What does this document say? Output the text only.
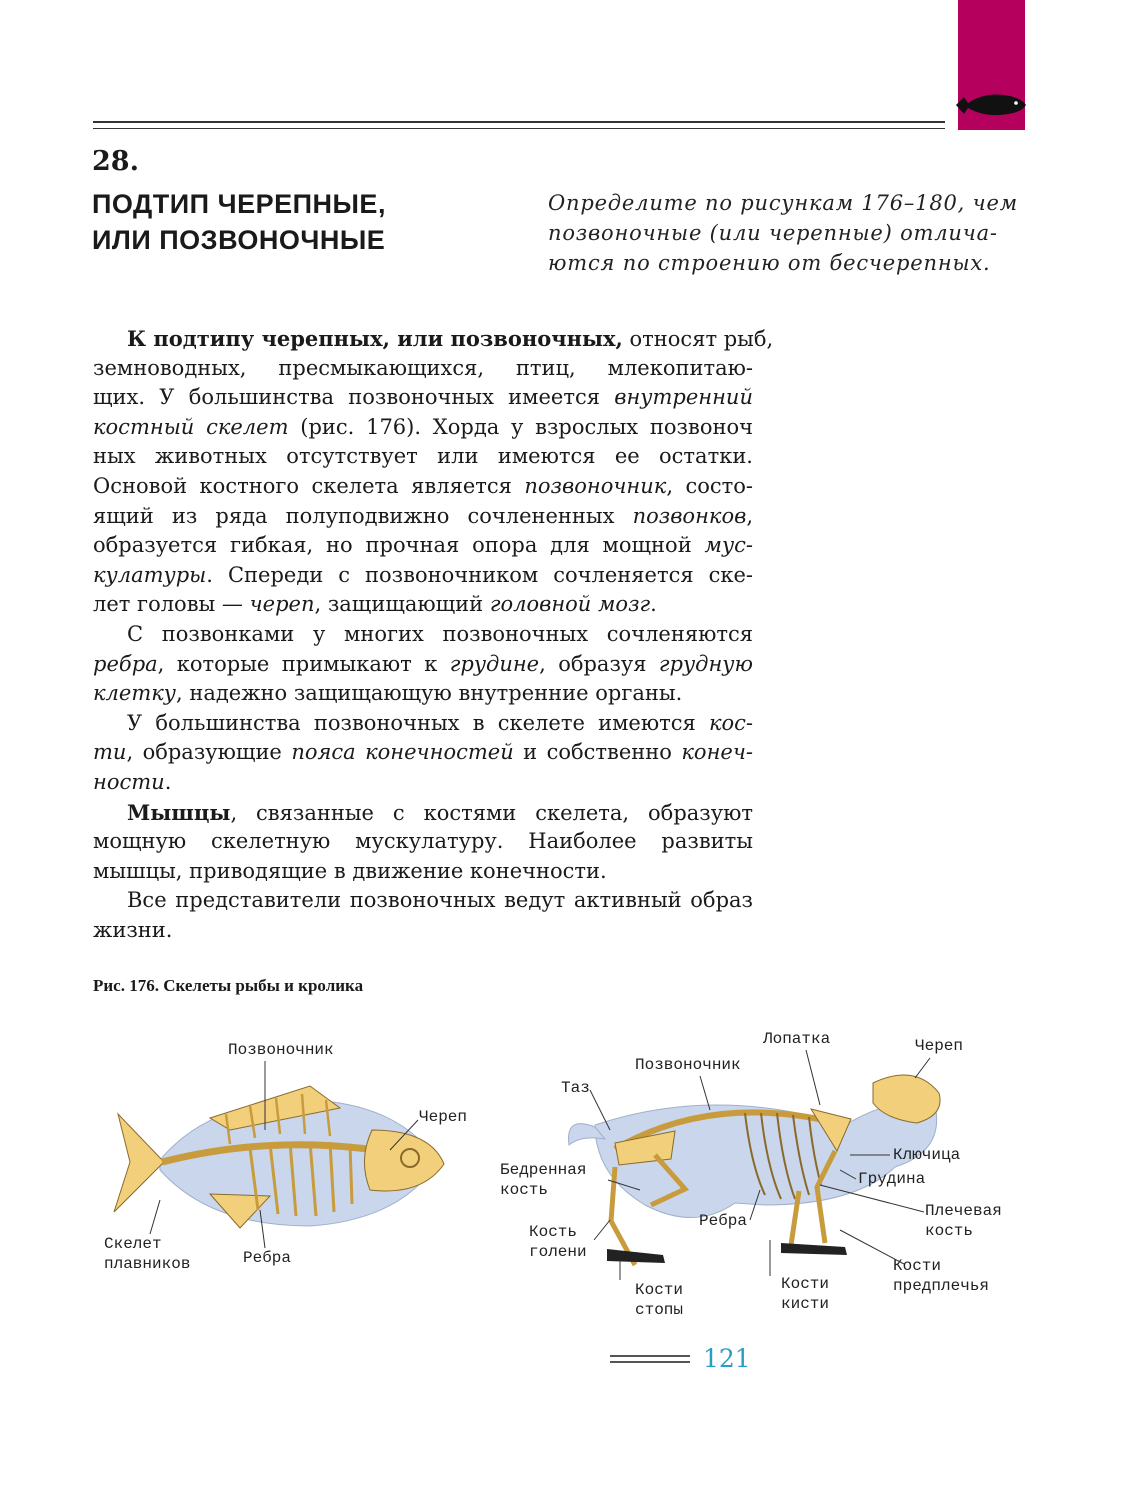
28.
ПОДТИП ЧЕРЕПНЫЕ,
ИЛИ ПОЗВОНОЧНЫЕ
Определите по рисункам 176–180, чем
позвоночные (или черепные) отлича-
ются по строению от бесчерепных.
К подтипу черепных, или позвоночных, относят рыб,
земноводных, пресмыкающихся, птиц, млекопитаю-
щих. У большинства позвоночных имеется внутренний
костный скелет (рис. 176). Хорда у взрослых позвоноч
ных животных отсутствует или имеются ее остатки.
Основой костного скелета является позвоночник, состо-
ящий из ряда полуподвижно сочлененных позвонков,
образуется гибкая, но прочная опора для мощной мус-
кулатуры. Спереди с позвоночником сочленяется ске-
лет головы — череп, защищающий головной мозг.
С позвонками у многих позвоночных сочленяются
ребра, которые примыкают к грудине, образуя грудную
клетку, надежно защищающую внутренние органы.
У большинства позвоночных в скелете имеются кос-
ти, образующие пояса конечностей и собственно конеч-
ности.
Мышцы, связанные с костями скелета, образуют
мощную скелетную мускулатуру. Наиболее развиты
мышцы, приводящие в движение конечности.
Все представители позвоночных ведут активный образ
жизни.
Рис. 176. Скелеты рыбы и кролика
Позвоночник
Череп
Скелет
плавников	Ребра
Лопатка	Череп
Позвоночник
Таз
Ключица
Грудина
Бедренная
кость
Плечевая
кость
Ребра
Кость
голени
Кости
предплечья
Кости
стопы
Кости
кисти
121
